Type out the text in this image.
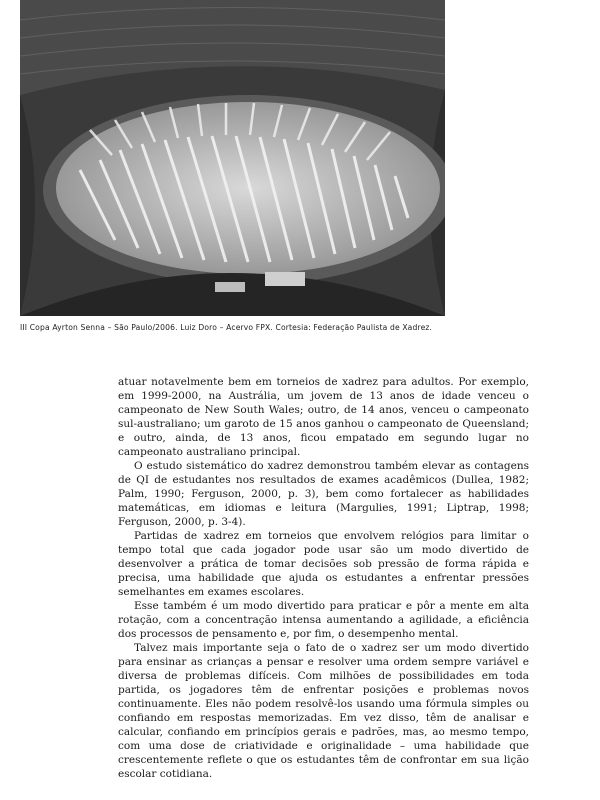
III Copa Ayrton Senna – São Paulo/2006. Luiz Doro – Acervo FPX. Cortesia: Federação Paulista de Xadrez.

atuar notavelmente bem em torneios de xadrez para adultos. Por exemplo, em 1999-2000, na Austrália, um jovem de 13 anos de idade venceu o campeonato de New South Wales; outro, de 14 anos, venceu o campeonato sul-australiano; um garoto de 15 anos ganhou o campeonato de Queensland; e outro, ainda, de 13 anos, ficou empatado em segundo lugar no campeonato australiano principal.

O estudo sistemático do xadrez demonstrou também elevar as contagens de QI de estudantes nos resultados de exames acadêmicos (Dullea, 1982; Palm, 1990; Ferguson, 2000, p. 3), bem como fortalecer as habilidades matemáticas, em idiomas e leitura (Margulies, 1991; Liptrap, 1998; Ferguson, 2000, p. 3-4).

Partidas de xadrez em torneios que envolvem relógios para limitar o tempo total que cada jogador pode usar são um modo divertido de desenvolver a prática de tomar decisões sob pressão de forma rápida e precisa, uma habilidade que ajuda os estudantes a enfrentar pressões semelhantes em exames escolares.

Esse também é um modo divertido para praticar e pôr a mente em alta rotação, com a concentração intensa aumentando a agilidade, a eficiência dos processos de pensamento e, por fim, o desempenho mental.

Talvez mais importante seja o fato de o xadrez ser um modo divertido para ensinar as crianças a pensar e resolver uma ordem sempre variável e diversa de problemas difíceis. Com milhões de possibilidades em toda partida, os jogadores têm de enfrentar posições e problemas novos continuamente. Eles não podem resolvê-los usando uma fórmula simples ou confiando em respostas memorizadas. Em vez disso, têm de analisar e calcular, confiando em princípios gerais e padrões, mas, ao mesmo tempo, com uma dose de criatividade e originalidade – uma habilidade que crescentemente reflete o que os estudantes têm de confrontar em sua lição escolar cotidiana.
